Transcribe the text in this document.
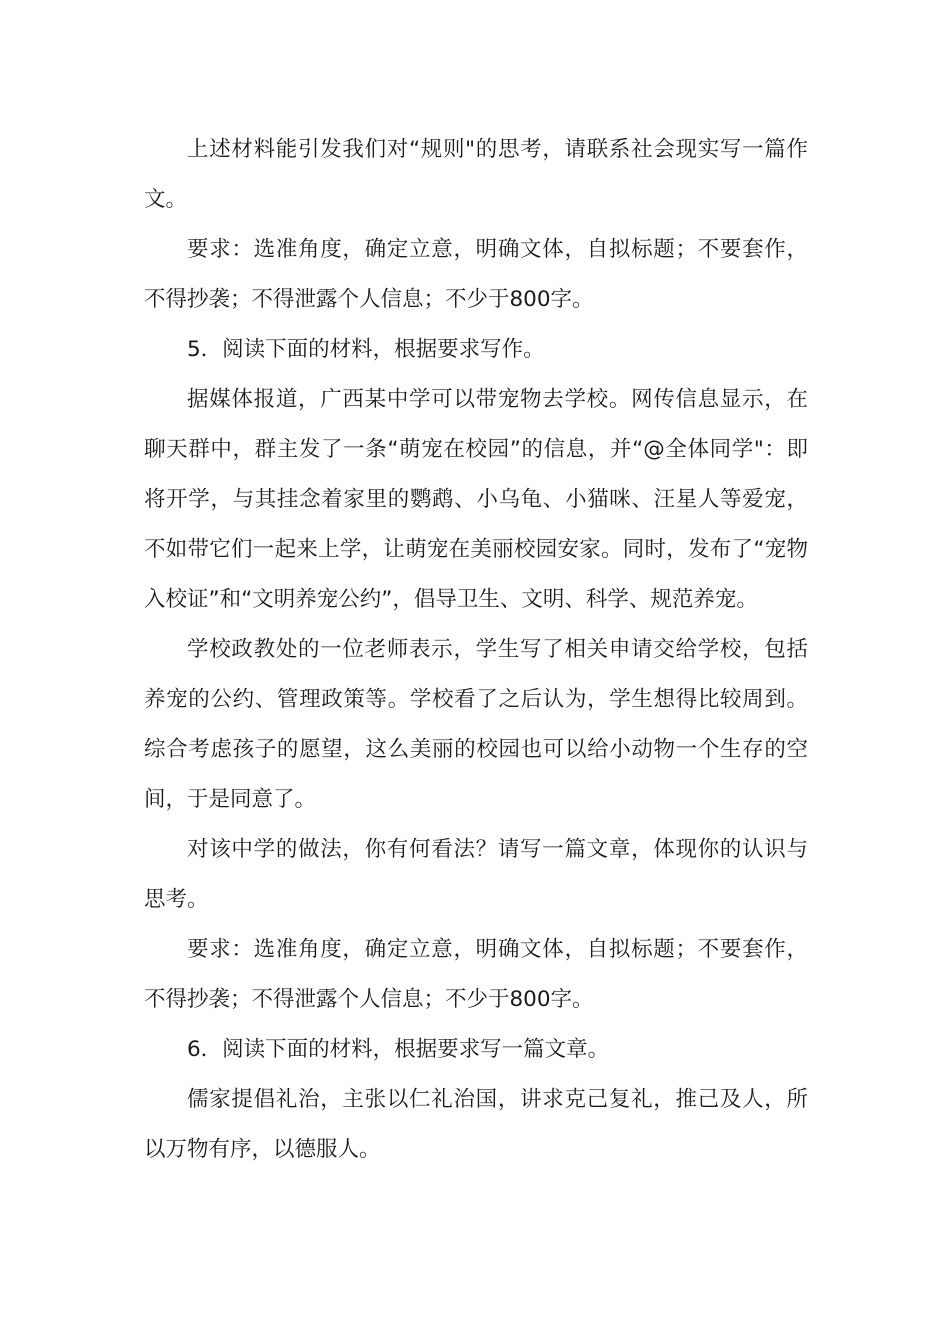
上述材料能引发我们对“规则"的思考，请联系社会现实写一篇作文。

要求：选准角度，确定立意，明确文体，自拟标题；不要套作，不得抄袭；不得泄露个人信息；不少于800字。

5．阅读下面的材料，根据要求写作。

据媒体报道，广西某中学可以带宠物去学校。网传信息显示，在聊天群中，群主发了一条“萌宠在校园”的信息，并“@全体同学"：即将开学，与其挂念着家里的鹦鹉、小乌龟、小猫咪、汪星人等爱宠，不如带它们一起来上学，让萌宠在美丽校园安家。同时，发布了“宠物入校证”和“文明养宠公约”，倡导卫生、文明、科学、规范养宠。

学校政教处的一位老师表示，学生写了相关申请交给学校，包括养宠的公约、管理政策等。学校看了之后认为，学生想得比较周到。综合考虑孩子的愿望，这么美丽的校园也可以给小动物一个生存的空间，于是同意了。

对该中学的做法，你有何看法？请写一篇文章，体现你的认识与思考。

要求：选准角度，确定立意，明确文体，自拟标题；不要套作，不得抄袭；不得泄露个人信息；不少于800字。

6．阅读下面的材料，根据要求写一篇文章。

儒家提倡礼治，主张以仁礼治国，讲求克己复礼，推己及人，所以万物有序，以德服人。
